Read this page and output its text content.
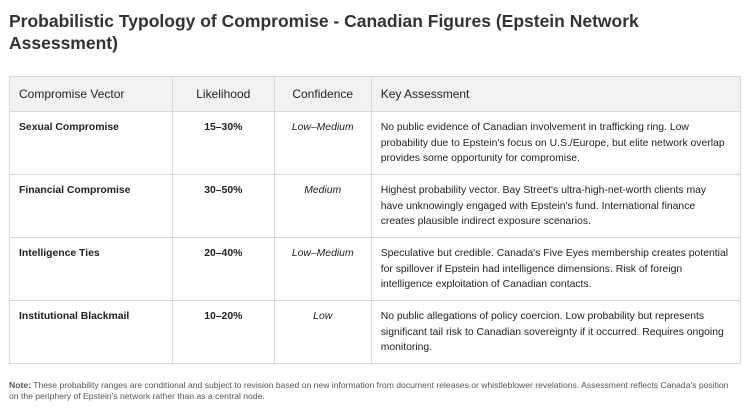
Probabilistic Typology of Compromise - Canadian Figures (Epstein Network Assessment)
Compromise Vector	Likelihood	Confidence	Key Assessment
Sexual Compromise	15–30%	Low–Medium	No public evidence of Canadian involvement in trafficking ring. Low probability due to Epstein's focus on U.S./Europe, but elite network overlap provides some opportunity for compromise.
Financial Compromise	30–50%	Medium	Highest probability vector. Bay Street's ultra-high-net-worth clients may have unknowingly engaged with Epstein's fund. International finance creates plausible indirect exposure scenarios.
Intelligence Ties	20–40%	Low–Medium	Speculative but credible. Canada's Five Eyes membership creates potential for spillover if Epstein had intelligence dimensions. Risk of foreign intelligence exploitation of Canadian contacts.
Institutional Blackmail	10–20%	Low	No public allegations of policy coercion. Low probability but represents significant tail risk to Canadian sovereignty if it occurred. Requires ongoing monitoring.
Note: These probability ranges are conditional and subject to revision based on new information from document releases or whistleblower revelations. Assessment reflects Canada's position on the periphery of Epstein's network rather than as a central node.
